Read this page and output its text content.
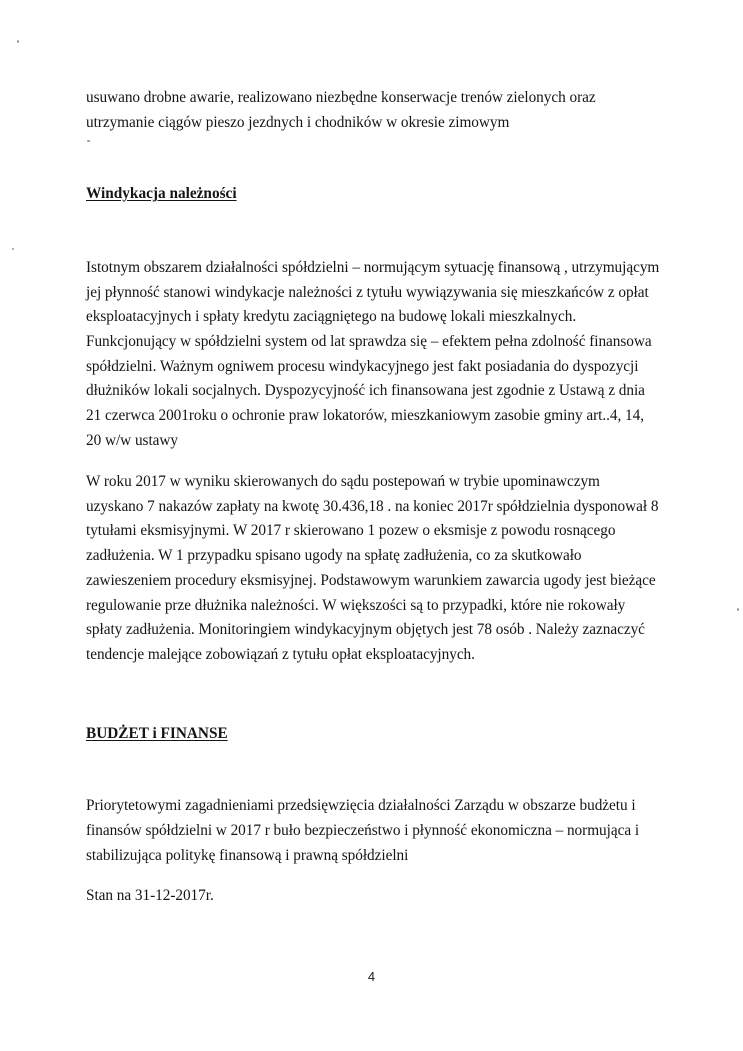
usuwano drobne awarie, realizowano niezbędne konserwacje trenów zielonych oraz
utrzymanie ciągów pieszo jezdnych i chodników w okresie zimowym
Windykacja należności
Istotnym obszarem działalności spółdzielni – normującym sytuację finansową , utrzymującym
jej płynność stanowi windykacje należności z tytułu wywiązywania się mieszkańców z opłat
eksploatacyjnych i spłaty kredytu zaciągniętego na budowę lokali mieszkalnych.
Funkcjonujący w spółdzielni system od lat sprawdza się – efektem pełna zdolność finansowa
spółdzielni. Ważnym ogniwem procesu windykacyjnego jest fakt posiadania do dyspozycji
dłużników lokali socjalnych. Dyspozycyjność ich finansowana jest zgodnie z Ustawą z dnia
21 czerwca 2001roku o ochronie praw lokatorów, mieszkaniowym zasobie gminy art..4, 14,
20 w/w ustawy
W roku 2017 w wyniku skierowanych do sądu postepowań w trybie upominawczym
uzyskano 7 nakazów zapłaty na kwotę 30.436,18 . na koniec 2017r spółdzielnia dysponował 8
tytułami eksmisyjnymi. W 2017 r skierowano 1 pozew o eksmisje z powodu rosnącego
zadłużenia. W 1 przypadku spisano ugody na spłatę zadłużenia, co za skutkowało
zawieszeniem procedury eksmisyjnej. Podstawowym warunkiem zawarcia ugody jest bieżące
regulowanie prze dłużnika należności. W większości są to przypadki, które nie rokowały
spłaty zadłużenia. Monitoringiem windykacyjnym objętych jest 78 osób . Należy zaznaczyć
tendencje malejące zobowiązań z tytułu opłat eksploatacyjnych.
BUDŻET i FINANSE
Priorytetowymi zagadnieniami przedsięwzięcia działalności Zarządu w obszarze budżetu i
finansów spółdzielni w 2017 r buło bezpieczeństwo i płynność ekonomiczna – normująca i
stabilizująca politykę finansową i prawną spółdzielni
Stan na 31-12-2017r.
4
